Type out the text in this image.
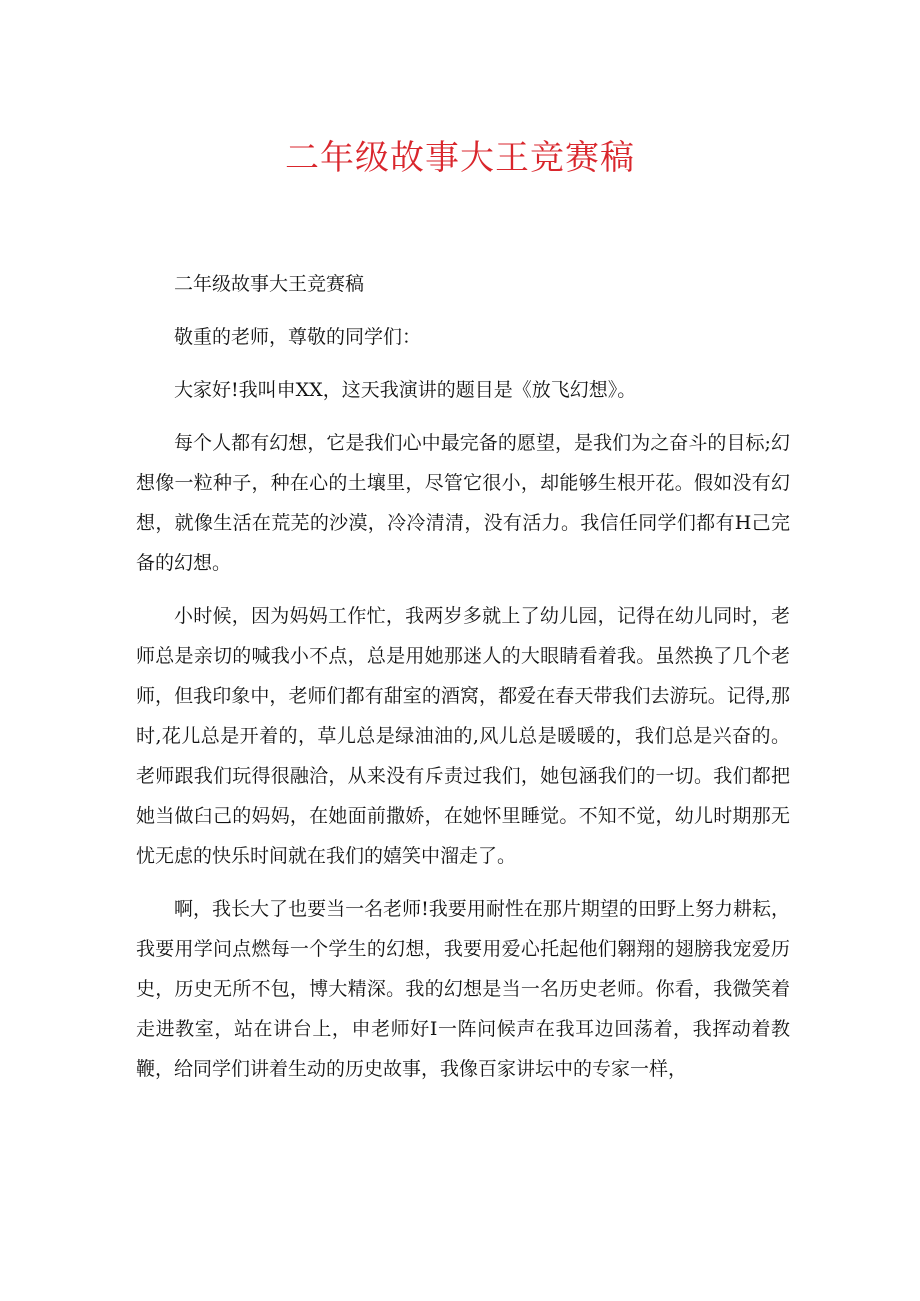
二年级故事大王竞赛稿

二年级故事大王竞赛稿

敬重的老师，尊敬的同学们：

大家好!我叫申XX，这天我演讲的题目是《放飞幻想》。

每个人都有幻想，它是我们心中最完备的愿望，是我们为之奋斗的目标;幻想像一粒种子，种在心的土壤里，尽管它很小，却能够生根开花。假如没有幻想，就像生活在荒芜的沙漠，冷冷清清，没有活力。我信任同学们都有H己完备的幻想。

小时候，因为妈妈工作忙，我两岁多就上了幼儿园，记得在幼儿同时，老师总是亲切的喊我小不点，总是用她那迷人的大眼睛看着我。虽然换了几个老师，但我印象中，老师们都有甜室的酒窝，都爱在春天带我们去游玩。记得,那时,花儿总是开着的，草儿总是绿油油的,风儿总是暖暖的，我们总是兴奋的。老师跟我们玩得很融洽，从来没有斥责过我们，她包涵我们的一切。我们都把她当做臼己的妈妈，在她面前撒娇，在她怀里睡觉。不知不觉，幼儿时期那无忧无虑的快乐时间就在我们的嬉笑中溜走了。

啊，我长大了也要当一名老师!我要用耐性在那片期望的田野上努力耕耘，我要用学问点燃每一个学生的幻想，我要用爱心托起他们翱翔的翅膀我宠爱历史，历史无所不包，博大精深。我的幻想是当一名历史老师。你看，我微笑着走进教室，站在讲台上，申老师好I一阵问候声在我耳边回荡着，我挥动着教鞭，给同学们讲着生动的历史故事，我像百家讲坛中的专家一样，
